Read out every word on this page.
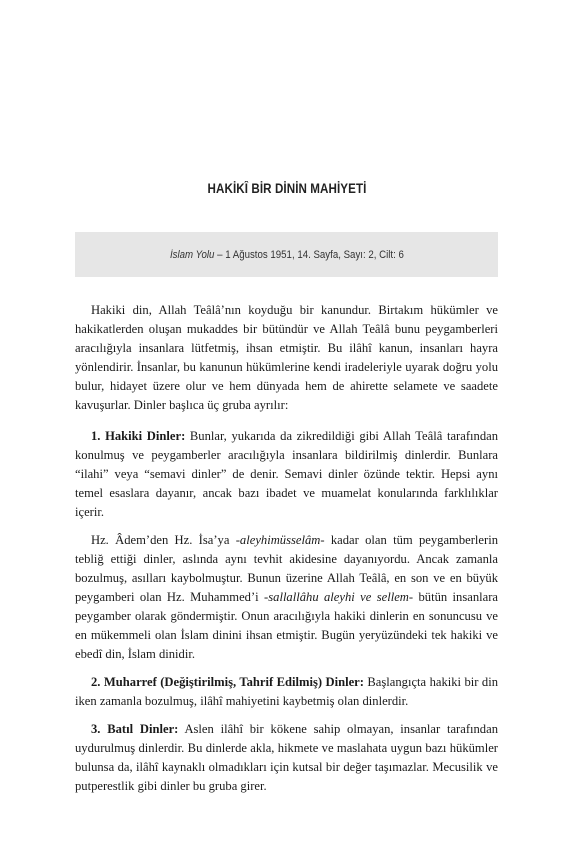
HAKİKÎ BİR DİNİN MAHİYETİ
İslam Yolu – 1 Ağustos 1951, 14. Sayfa, Sayı: 2, Cilt: 6

Hakiki din, Allah Teâlâ’nın koyduğu bir kanundur. Birtakım hükümler ve hakikatlerden oluşan mukaddes bir bütündür ve Allah Teâlâ bunu peygamberleri aracılığıyla insanlara lütfetmiş, ihsan etmiştir. Bu ilâhî kanun, insanları hayra yönlendirir. İnsanlar, bu kanunun hükümlerine kendi iradeleriyle uyarak doğru yolu bulur, hidayet üzere olur ve hem dünyada hem de ahirette selamete ve saadete kavuşurlar. Dinler başlıca üç gruba ayrılır:

1. Hakiki Dinler: Bunlar, yukarıda da zikredildiği gibi Allah Teâlâ tarafından konulmuş ve peygamberler aracılığıyla insanlara bildirilmiş dinlerdir. Bunlara “ilahi” veya “semavi dinler” de denir. Semavi dinler özünde tektir. Hepsi aynı temel esaslara dayanır, ancak bazı ibadet ve muamelat konularında farklılıklar içerir.

Hz. Âdem’den Hz. İsa’ya -aleyhimüsselâm- kadar olan tüm peygamberlerin tebliğ ettiği dinler, aslında aynı tevhit akidesine dayanıyordu. Ancak zamanla bozulmuş, asılları kaybolmuştur. Bunun üzerine Allah Teâlâ, en son ve en büyük peygamberi olan Hz. Muhammed’i -sallallâhu aleyhi ve sellem- bütün insanlara peygamber olarak göndermiştir. Onun aracılığıyla hakiki dinlerin en sonuncusu ve en mükemmeli olan İslam dinini ihsan etmiştir. Bugün yeryüzündeki tek hakiki ve ebedî din, İslam dinidir.

2. Muharref (Değiştirilmiş, Tahrif Edilmiş) Dinler: Başlangıçta hakiki bir din iken zamanla bozulmuş, ilâhî mahiyetini kaybetmiş olan dinlerdir.

3. Batıl Dinler: Aslen ilâhî bir kökene sahip olmayan, insanlar tarafından uydurulmuş dinlerdir. Bu dinlerde akla, hikmete ve maslahata uygun bazı hükümler bulunsa da, ilâhî kaynaklı olmadıkları için kutsal bir değer taşımazlar. Mecusilik ve putperestlik gibi dinler bu gruba girer.
